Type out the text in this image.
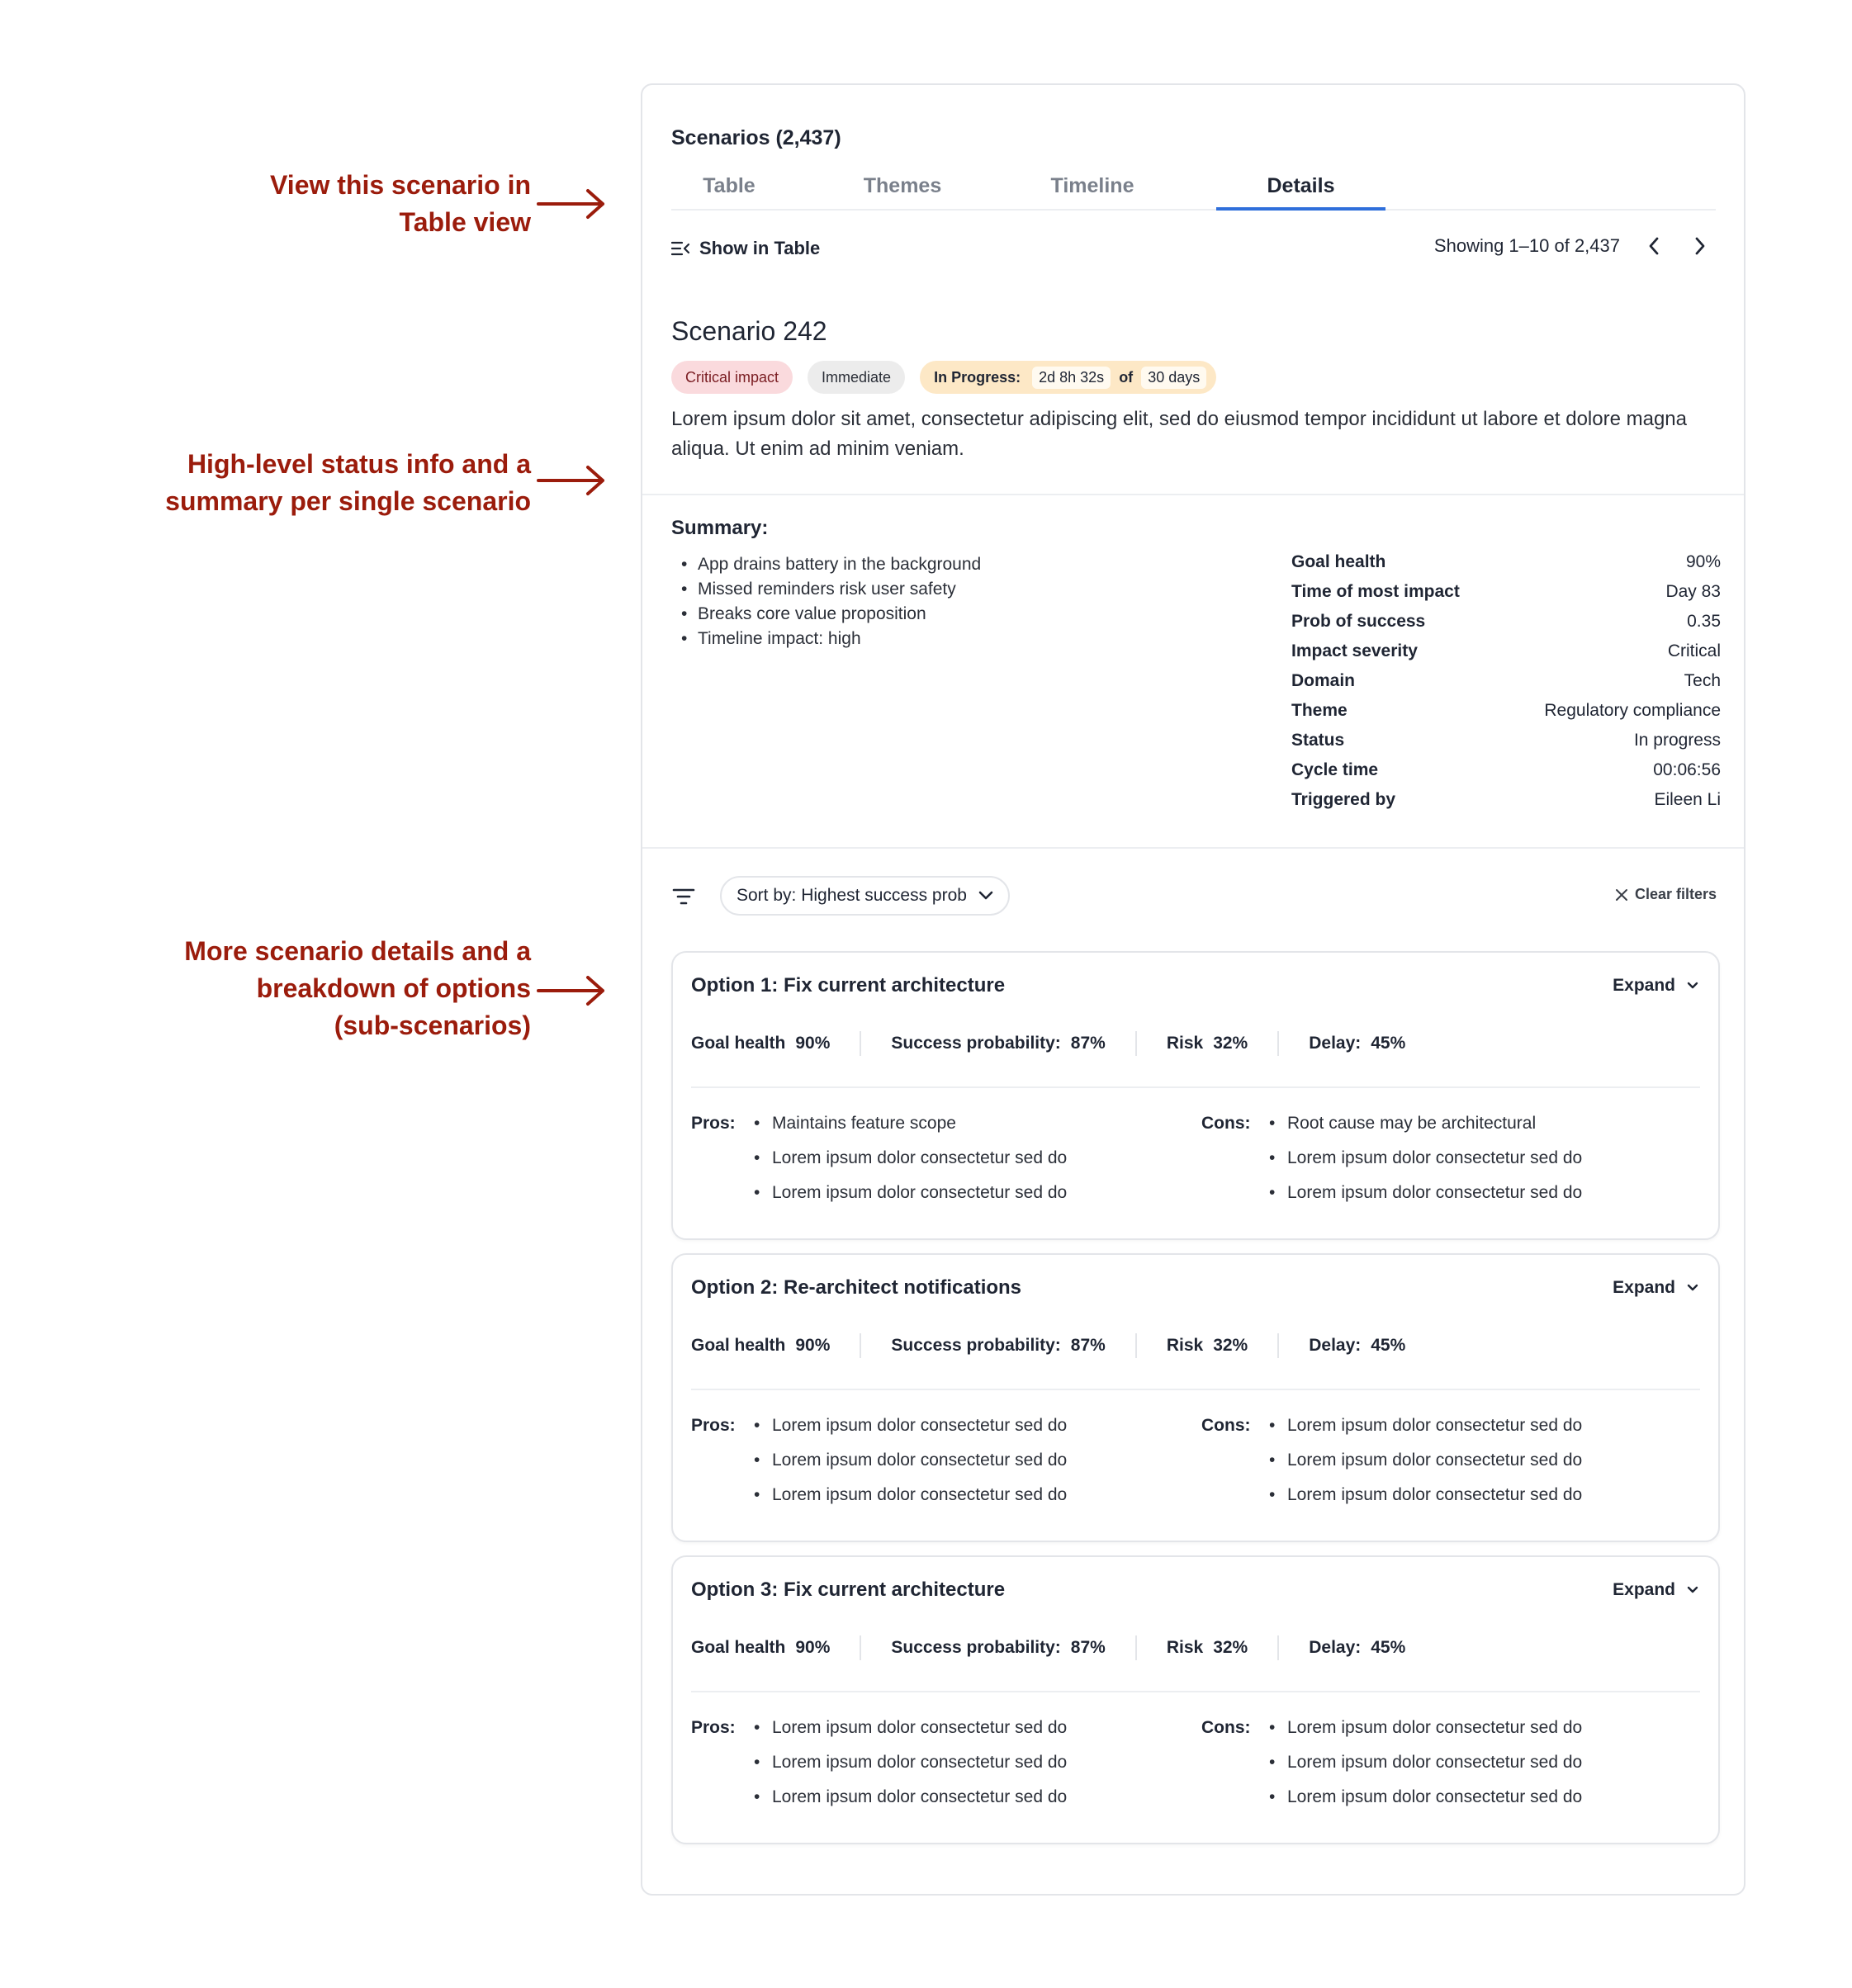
View this scenario in
Table view
High-level status info and a
summary per single scenario
More scenario details and a
breakdown of options
(sub-scenarios)
Scenarios (2,437)
Table	Themes	Timeline	Details
Show in Table	Showing 1–10 of 2,437
Scenario 242
Critical impact	Immediate	In Progress:	2d 8h 32s	of	30 days
Lorem ipsum dolor sit amet, consectetur adipiscing elit, sed do eiusmod tempor incididunt ut labore et dolore magna aliqua. Ut enim ad minim veniam.
Summary:
• App drains battery in the background
• Missed reminders risk user safety
• Breaks core value proposition
• Timeline impact: high
Goal health	90%
Time of most impact	Day 83
Prob of success	0.35
Impact severity	Critical
Domain	Tech
Theme	Regulatory compliance
Status	In progress
Cycle time	00:06:56
Triggered by	Eileen Li
Sort by: Highest success prob	Clear filters
Option 1: Fix current architecture	Expand
Goal health 90%	Success probability: 87%	Risk 32%	Delay: 45%
Pros:	• Maintains feature scope
• Lorem ipsum dolor consectetur sed do
• Lorem ipsum dolor consectetur sed do
Cons:	• Root cause may be architectural
• Lorem ipsum dolor consectetur sed do
• Lorem ipsum dolor consectetur sed do
Option 2: Re-architect notifications	Expand
Goal health 90%	Success probability: 87%	Risk 32%	Delay: 45%
Pros:	• Lorem ipsum dolor consectetur sed do
• Lorem ipsum dolor consectetur sed do
• Lorem ipsum dolor consectetur sed do
Cons:	• Lorem ipsum dolor consectetur sed do
• Lorem ipsum dolor consectetur sed do
• Lorem ipsum dolor consectetur sed do
Option 3: Fix current architecture	Expand
Goal health 90%	Success probability: 87%	Risk 32%	Delay: 45%
Pros:	• Lorem ipsum dolor consectetur sed do
• Lorem ipsum dolor consectetur sed do
• Lorem ipsum dolor consectetur sed do
Cons:	• Lorem ipsum dolor consectetur sed do
• Lorem ipsum dolor consectetur sed do
• Lorem ipsum dolor consectetur sed do
